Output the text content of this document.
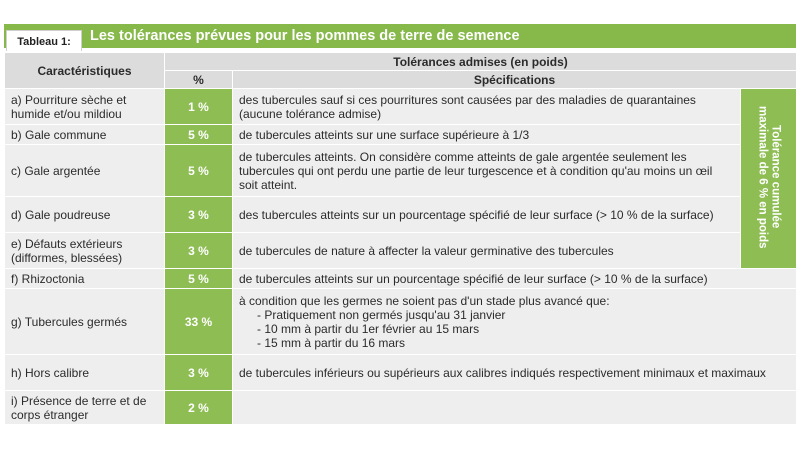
Les tolérances prévues pour les pommes de terre de semence
Tableau 1:
Caractéristiques	Tolérances admises (en poids)		
	%	Spécifications	
a) Pourriture sèche et humide et/ou mildiou	1 %	des tubercules sauf si ces pourritures sont causées par des maladies de quarantaines (aucune tolérance admise)	Tolérance cumulée
maximale de 6 % en poids
b) Gale commune	5 %	de tubercules atteints sur une surface supérieure à 1/3	
c) Gale argentée	5 %	de tubercules atteints. On considère comme atteints de gale argentée seulement les tubercules qui ont perdu une partie de leur turgescence et à condition qu'au moins un œil soit atteint.	
d) Gale poudreuse	3 %	des tubercules atteints sur un pourcentage spécifié de leur surface (> 10 % de la surface)	
e) Défauts extérieurs (difformes, blessées)	3 %	de tubercules de nature à affecter la valeur germinative des tubercules	
f) Rhizoctonia	5 %	de tubercules atteints sur un pourcentage spécifié de leur surface (> 10 % de la surface)	
g) Tubercules germés	33 %	à condition que les germes ne soient pas d'un stade plus avancé que:
- Pratiquement non germés jusqu'au 31 janvier
- 10 mm à partir du 1er février au 15 mars
- 15 mm à partir du 16 mars	

h) Hors calibre	3 %	de tubercules inférieurs ou supérieurs aux calibres indiqués respectivement minimaux et maximaux	
i) Présence de terre et de corps étranger	2 %		
